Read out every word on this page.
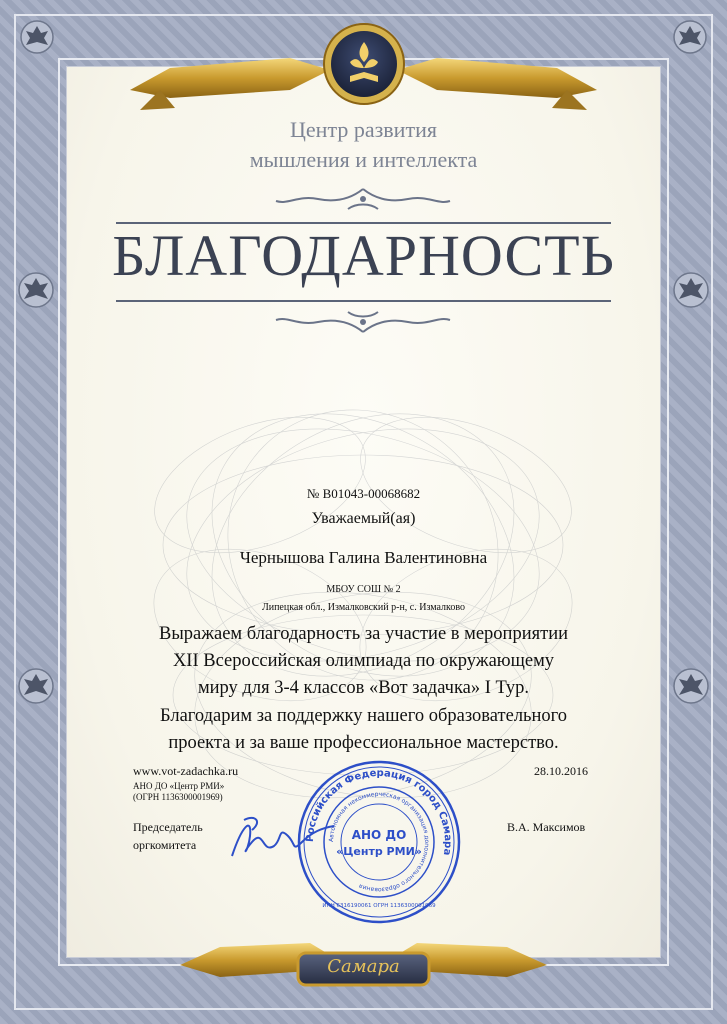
Центр развития
мышления и интеллекта
БЛАГОДАРНОСТЬ
№ В01043-00068682
Уважаемый(ая)
Чернышова Галина Валентиновна
МБОУ СОШ № 2
Липецкая обл., Измалковский р-н, с. Измалково
Выражаем благодарность за участие в мероприятии
XII Всероссийская олимпиада по окружающему
миру для 3-4 классов «Вот задачка» I Тур.
Благодарим за поддержку нашего образовательного
проекта и за ваше профессиональное мастерство.
www.vot-zadachka.ru
АНО ДО «Центр РМИ»
(ОГРН 1136300001969)
28.10.2016
Председатель
оргкомитета
В.А. Максимов
Российская Федерация город Самара
Автономная некоммерческая организация дополнительного образования
АНО ДО
«Центр РМИ»
ИНН 6316190061 ОГРН 1136300001969
Самара
